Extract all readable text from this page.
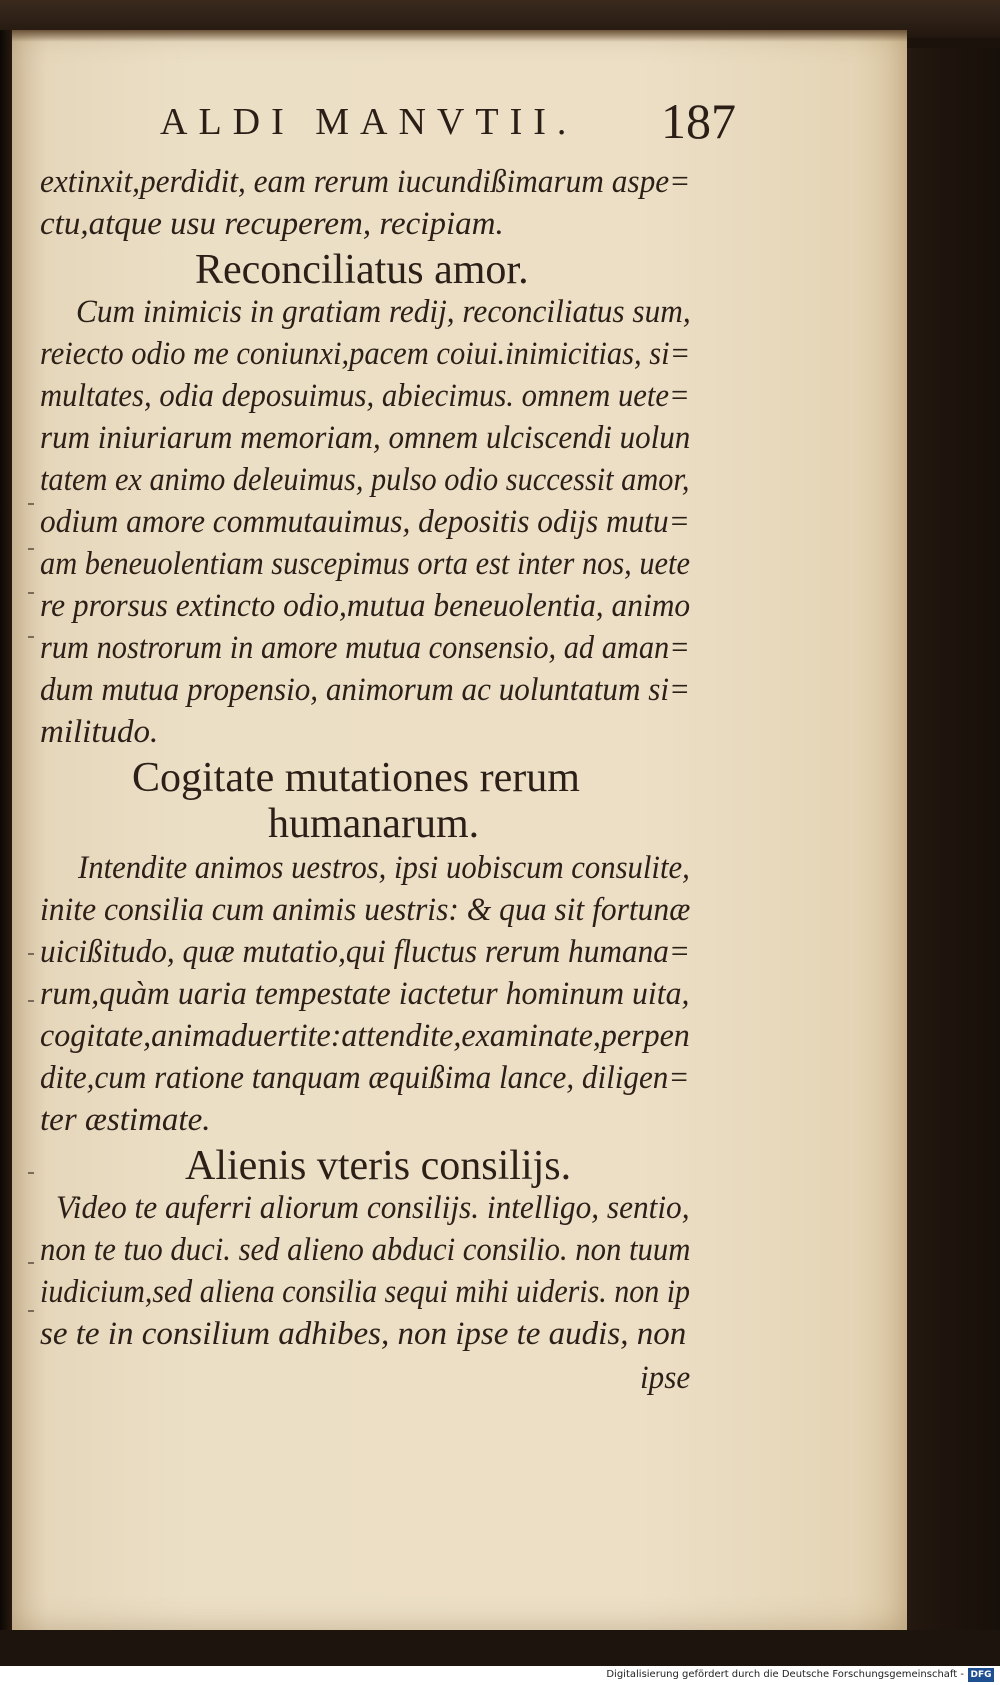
ALDI MANVTII. 187
extinxit,perdidit, eam rerum iucundißimarum aspe=
ctu,atque usu recuperem, recipiam.
Reconciliatus amor.
Cum inimicis in gratiam redij, reconciliatus sum,
reiecto odio me coniunxi,pacem coiui.inimicitias, si=
multates, odia deposuimus, abiecimus. omnem uete=
rum iniuriarum memoriam, omnem ulciscendi uolun
tatem ex animo deleuimus, pulso odio successit amor,
odium amore commutauimus, depositis odijs mutu=
am beneuolentiam suscepimus orta est inter nos, uete
re prorsus extincto odio,mutua beneuolentia, animo
rum nostrorum in amore mutua consensio, ad aman=
dum mutua propensio, animorum ac uoluntatum si=
militudo.
Cogitate mutationes rerum
humanarum.
Intendite animos uestros, ipsi uobiscum consulite,
inite consilia cum animis uestris: & qua sit fortunæ
uicißitudo, quæ mutatio,qui fluctus rerum humana=
rum,quàm uaria tempestate iactetur hominum uita,
cogitate,animaduertite:attendite,examinate,perpen
dite,cum ratione tanquam æquißima lance, diligen=
ter æstimate.
Alienis vteris consilijs.
Video te auferri aliorum consilijs. intelligo, sentio,
non te tuo duci. sed alieno abduci consilio. non tuum
iudicium,sed aliena consilia sequi mihi uideris. non ip
se te in consilium adhibes, non ipse te audis, non
ipse
Digitalisierung gefördert durch die Deutsche Forschungsgemeinschaft - DFG
